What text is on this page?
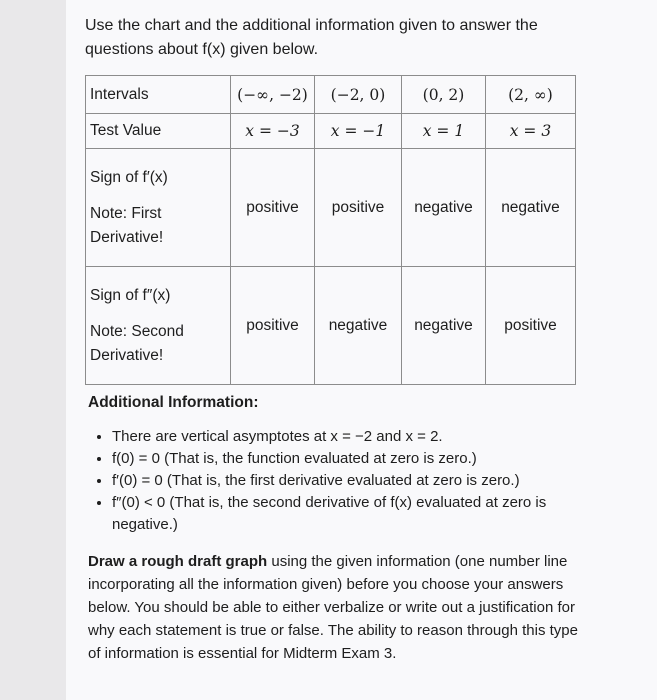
Use the chart and the additional information given to answer the questions about f(x) given below.
Intervals	(−∞, −2)	(−2, 0)	(0, 2)	(2, ∞)
Test Value	x = −3	x = −1	x = 1	x = 3

Sign of f′(x)
Note: First
Derivative!	positive	positive	negative	negative

Sign of f″(x)
Note: Second
Derivative!	positive	negative	negative	positive
Additional Information:
• There are vertical asymptotes at x = −2 and x = 2.
• f(0) = 0 (That is, the function evaluated at zero is zero.)
• f′(0) = 0 (That is, the first derivative evaluated at zero is zero.)
• f″(0) < 0 (That is, the second derivative of f(x) evaluated at zero is negative.)
Draw a rough draft graph using the given information (one number line incorporating all the information given) before you choose your answers below. You should be able to either verbalize or write out a justification for why each statement is true or false. The ability to reason through this type of information is essential for Midterm Exam 3.
